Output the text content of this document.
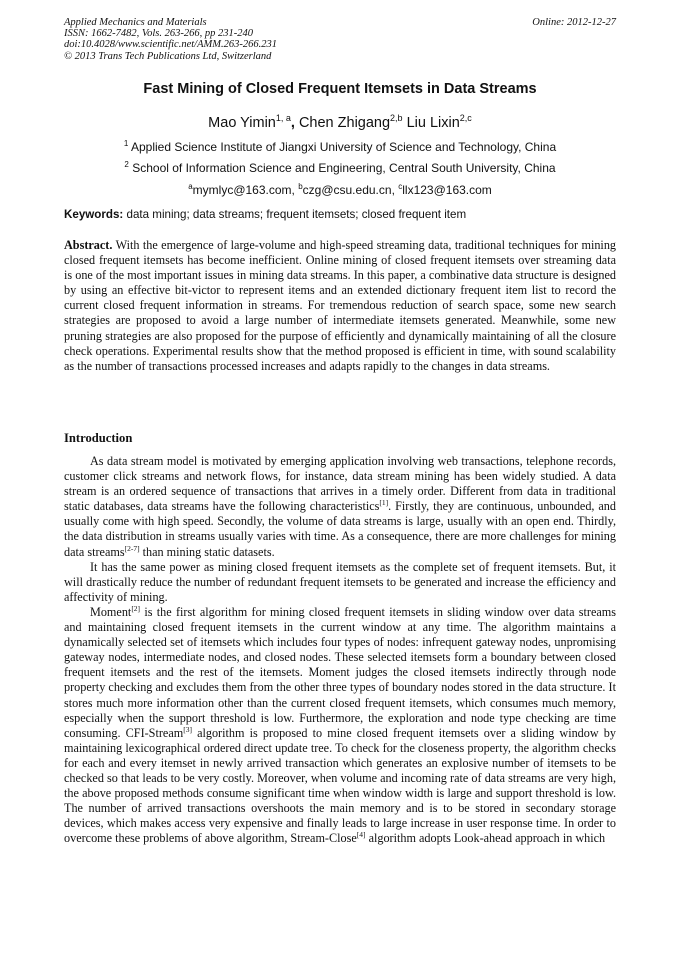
Applied Mechanics and Materials
ISSN: 1662-7482, Vols. 263-266, pp 231-240
doi:10.4028/www.scientific.net/AMM.263-266.231
© 2013 Trans Tech Publications Ltd, Switzerland
Online: 2012-12-27
Fast Mining of Closed Frequent Itemsets in Data Streams
Mao Yimin$^{1, a}$, Chen Zhigang$^{2,b}$ Liu Lixin$^{2,c}$
$^1$ Applied Science Institute of Jiangxi University of Science and Technology, China
$^2$ School of Information Science and Engineering, Central South University, China
$^a$mymlyc@163.com, $^b$czg@csu.edu.cn, $^c$llx123@163.com
Keywords: data mining; data streams; frequent itemsets; closed frequent item
Abstract. With the emergence of large-volume and high-speed streaming data, traditional techniques for mining closed frequent itemsets has become inefficient. Online mining of closed frequent itemsets over streaming data is one of the most important issues in mining data streams. In this paper, a combinative data structure is designed by using an effective bit-victor to represent items and an extended dictionary frequent item list to record the current closed frequent information in streams. For tremendous reduction of search space, some new search strategies are proposed to avoid a large number of intermediate itemsets generated. Meanwhile, some new pruning strategies are also proposed for the purpose of efficiently and dynamically maintaining of all the closure check operations. Experimental results show that the method proposed is efficient in time, with sound scalability as the number of transactions processed increases and adapts rapidly to the changes in data streams.
Introduction

As data stream model is motivated by emerging application involving web transactions, telephone records, customer click streams and network flows, for instance, data stream mining has been widely studied. A data stream is an ordered sequence of transactions that arrives in a timely order. Different from data in traditional static databases, data streams have the following characteristics[1]. Firstly, they are continuous, unbounded, and usually come with high speed. Secondly, the volume of data streams is large, usually with an open end. Thirdly, the data distribution in streams usually varies with time. As a consequence, there are more challenges for mining data streams[2-7] than mining static datasets.

It has the same power as mining closed frequent itemsets as the complete set of frequent itemsets. But, it will drastically reduce the number of redundant frequent itemsets to be generated and increase the efficiency and affectivity of mining.

Moment[2] is the first algorithm for mining closed frequent itemsets in sliding window over data streams and maintaining closed frequent itemsets in the current window at any time. The algorithm maintains a dynamically selected set of itemsets which includes four types of nodes: infrequent gateway nodes, unpromising gateway nodes, intermediate nodes, and closed nodes. These selected itemsets form a boundary between closed frequent itemsets and the rest of the itemsets. Moment judges the closed itemsets indirectly through node property checking and excludes them from the other three types of boundary nodes stored in the data structure. It stores much more information other than the current closed frequent itemsets, which consumes much memory, especially when the support threshold is low. Furthermore, the exploration and node type checking are time consuming. CFI-Stream[3] algorithm is proposed to mine closed frequent itemsets over a sliding window by maintaining lexicographical ordered direct update tree. To check for the closeness property, the algorithm checks for each and every itemset in newly arrived transaction which generates an explosive number of itemsets to be checked so that leads to be very costly. Moreover, when volume and incoming rate of data streams are very high, the above proposed methods consume significant time when window width is large and support threshold is low. The number of arrived transactions overshoots the main memory and is to be stored in secondary storage devices, which makes access very expensive and finally leads to large increase in user response time. In order to overcome these problems of above algorithm, Stream-Close[4] algorithm adopts Look-ahead approach in which
